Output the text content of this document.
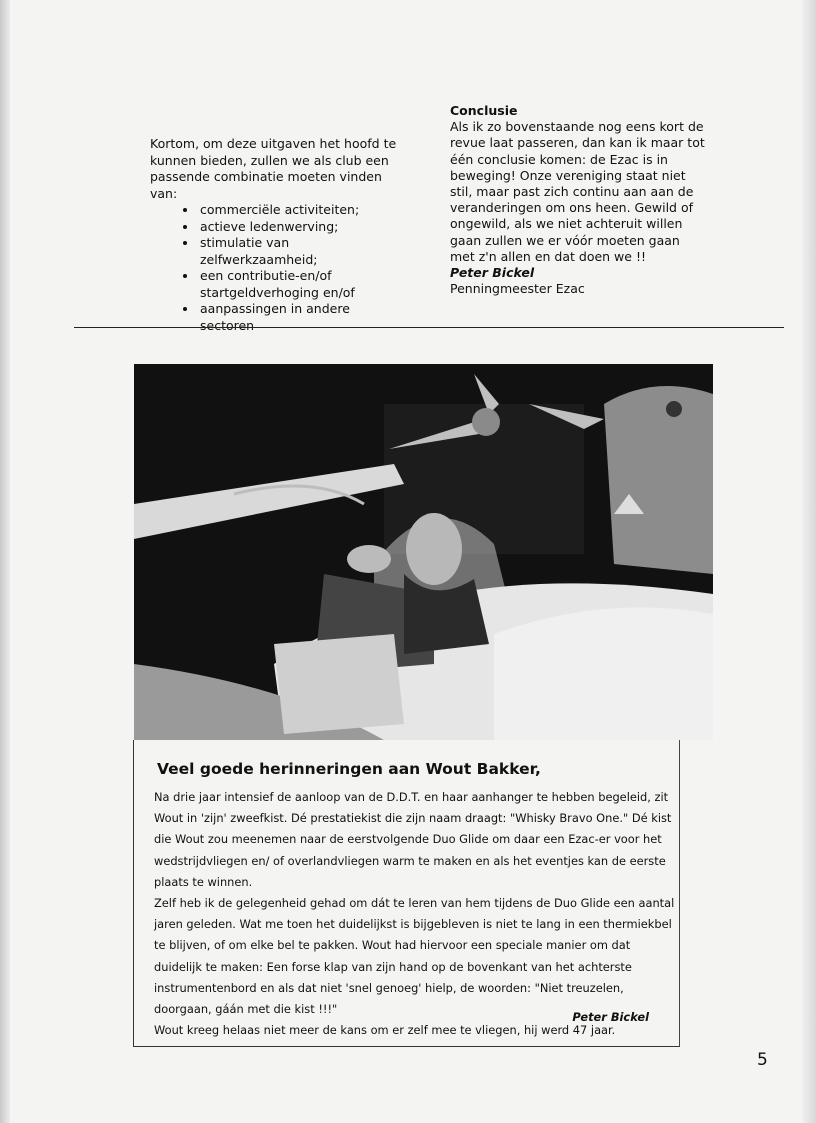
Kortom, om deze uitgaven het hoofd te kunnen bieden, zullen we als club een passende combinatie moeten vinden van:

• commerciële activiteiten;
• actieve ledenwerving;
• stimulatie van zelfwerkzaamheid;
• een contributie-en/of startgeldverhoging en/of
• aanpassingen in andere sectoren
Conclusie

Als ik zo bovenstaande nog eens kort de revue laat passeren, dan kan ik maar tot één conclusie komen: de Ezac is in beweging! Onze vereniging staat niet stil, maar past zich continu aan aan de veranderingen om ons heen. Gewild of ongewild, als we niet achteruit willen gaan zullen we er vóór moeten gaan met z'n allen en dat doen we !!

Peter Bickel

Penningmeester Ezac

Veel goede herinneringen aan Wout Bakker,

Na drie jaar intensief de aanloop van de D.D.T. en haar aanhanger te hebben begeleid, zit Wout in 'zijn' zweefkist. Dé prestatiekist die zijn naam draagt: "Whisky Bravo One." Dé kist die Wout zou meenemen naar de eerstvolgende Duo Glide om daar een Ezac-er voor het wedstrijdvliegen en/ of overlandvliegen warm te maken en als het eventjes kan de eerste plaats te winnen.

Zelf heb ik de gelegenheid gehad om dát te leren van hem tijdens de Duo Glide een aantal jaren geleden. Wat me toen het duidelijkst is bijgebleven is niet te lang in een thermiekbel te blijven, of om elke bel te pakken. Wout had hiervoor een speciale manier om dat duidelijk te maken: Een forse klap van zijn hand op de bovenkant van het achterste instrumentenbord en als dat niet 'snel genoeg' hielp, de woorden: "Niet treuzelen, doorgaan, gáán met die kist !!!"

Wout kreeg helaas niet meer de kans om er zelf mee te vliegen, hij werd 47 jaar.

Peter Bickel
5
